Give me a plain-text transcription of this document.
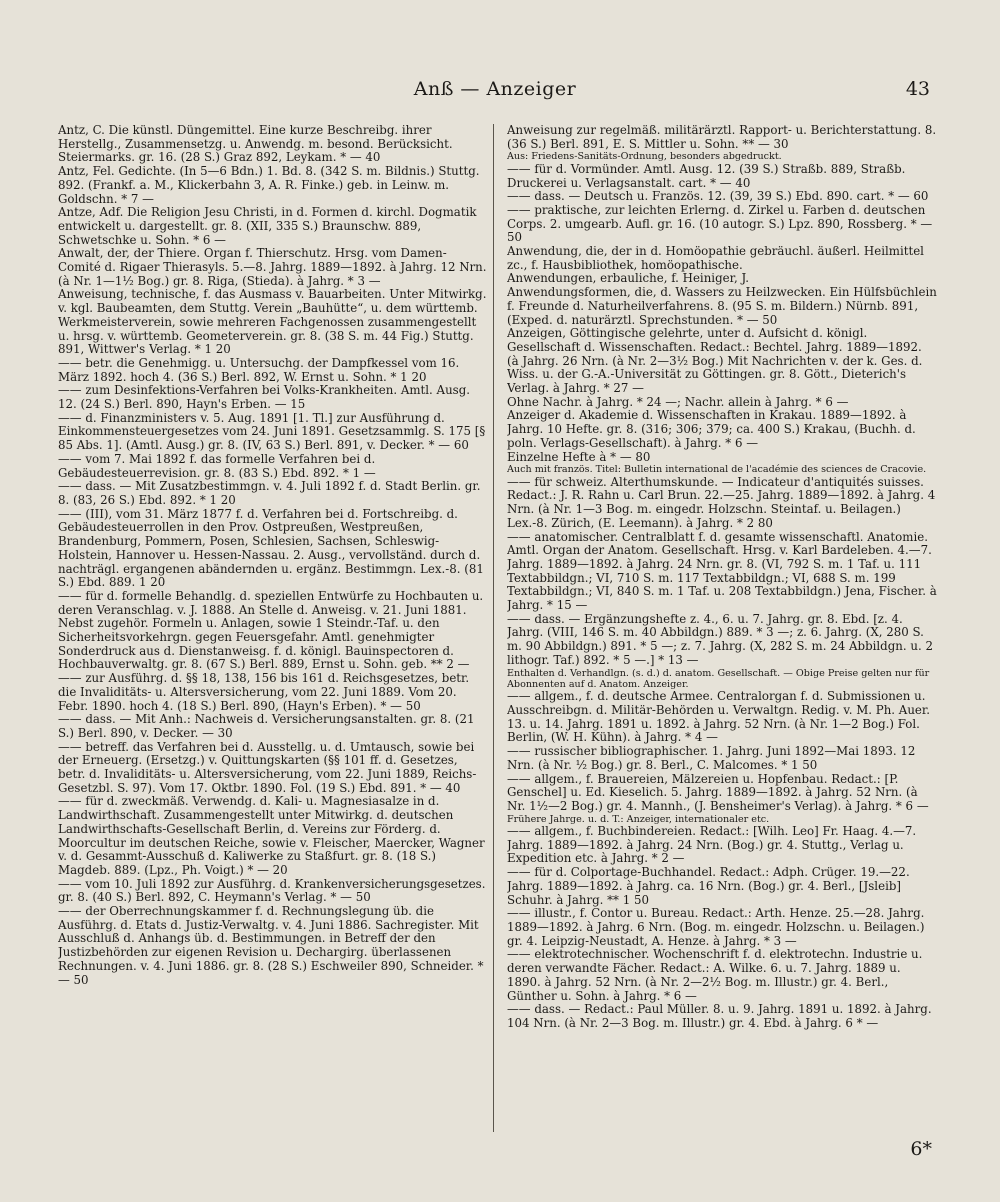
Anß — Anzeiger	43
Antz, C. Die künstl. Düngemittel. Eine kurze Beschreibg. ihrer Herstellg., Zusammensetzg. u. Anwendg. m. besond. Berücksicht. Steiermarks. gr. 16. (28 S.) Graz 892, Leykam. * — 40
Antz, Fel. Gedichte. (In 5—6 Bdn.) 1. Bd. 8. (342 S. m. Bildnis.) Stuttg. 892. (Frankf. a. M., Klickerbahn 3, A. R. Finke.) geb. in Leinw. m. Goldschn. * 7 —
Antze, Adf. Die Religion Jesu Christi, in d. Formen d. kirchl. Dogmatik entwickelt u. dargestellt. gr. 8. (XII, 335 S.) Braunschw. 889, Schwetschke u. Sohn. * 6 —
Anwalt, der, der Thiere. Organ f. Thierschutz. Hrsg. vom Damen-Comité d. Rigaer Thierasyls. 5.—8. Jahrg. 1889—1892. à Jahrg. 12 Nrn. (à Nr. 1—1½ Bog.) gr. 8. Riga, (Stieda). à Jahrg. * 3 —
Anweisung, technische, f. das Ausmass v. Bauarbeiten. Unter Mitwirkg. v. kgl. Baubeamten, dem Stuttg. Verein „Bauhütte“, u. dem württemb. Werkmeisterverein, sowie mehreren Fachgenossen zusammengestellt u. hrsg. v. württemb. Geometerverein. gr. 8. (38 S. m. 44 Fig.) Stuttg. 891, Wittwer's Verlag. * 1 20
—— betr. die Genehmigg. u. Untersuchg. der Dampfkessel vom 16. März 1892. hoch 4. (36 S.) Berl. 892, W. Ernst u. Sohn. * 1 20
—— zum Desinfektions-Verfahren bei Volks-Krankheiten. Amtl. Ausg. 12. (24 S.) Berl. 890, Hayn's Erben. — 15
—— d. Finanzministers v. 5. Aug. 1891 [1. Tl.] zur Ausführung d. Einkommensteuergesetzes vom 24. Juni 1891. Gesetzsammlg. S. 175 [§ 85 Abs. 1]. (Amtl. Ausg.) gr. 8. (IV, 63 S.) Berl. 891, v. Decker. * — 60
—— vom 7. Mai 1892 f. das formelle Verfahren bei d. Gebäudesteuerrevision. gr. 8. (83 S.) Ebd. 892. * 1 —
—— dass. — Mit Zusatzbestimmgn. v. 4. Juli 1892 f. d. Stadt Berlin. gr. 8. (83, 26 S.) Ebd. 892. * 1 20
—— (III), vom 31. März 1877 f. d. Verfahren bei d. Fortschreibg. d. Gebäudesteuerrollen in den Prov. Ostpreußen, Westpreußen, Brandenburg, Pommern, Posen, Schlesien, Sachsen, Schleswig-Holstein, Hannover u. Hessen-Nassau. 2. Ausg., vervollständ. durch d. nachträgl. ergangenen abändernden u. ergänz. Bestimmgn. Lex.-8. (81 S.) Ebd. 889. 1 20
—— für d. formelle Behandlg. d. speziellen Entwürfe zu Hochbauten u. deren Veranschlag. v. J. 1888. An Stelle d. Anweisg. v. 21. Juni 1881. Nebst zugehör. Formeln u. Anlagen, sowie 1 Steindr.-Taf. u. den Sicherheitsvorkehrgn. gegen Feuersgefahr. Amtl. genehmigter Sonderdruck aus d. Dienstanweisg. f. d. königl. Bauinspectoren d. Hochbauverwaltg. gr. 8. (67 S.) Berl. 889, Ernst u. Sohn. geb. ** 2 —
—— zur Ausführg. d. §§ 18, 138, 156 bis 161 d. Reichsgesetzes, betr. die Invaliditäts- u. Altersversicherung, vom 22. Juni 1889. Vom 20. Febr. 1890. hoch 4. (18 S.) Berl. 890, (Hayn's Erben). * — 50
—— dass. — Mit Anh.: Nachweis d. Versicherungsanstalten. gr. 8. (21 S.) Berl. 890, v. Decker. — 30
—— betreff. das Verfahren bei d. Ausstellg. u. d. Umtausch, sowie bei der Erneuerg. (Ersetzg.) v. Quittungskarten (§§ 101 ff. d. Gesetzes, betr. d. Invaliditäts- u. Altersversicherung, vom 22. Juni 1889, Reichs-Gesetzbl. S. 97). Vom 17. Oktbr. 1890. Fol. (19 S.) Ebd. 891. * — 40
—— für d. zweckmäß. Verwendg. d. Kali- u. Magnesiasalze in d. Landwirthschaft. Zusammengestellt unter Mitwirkg. d. deutschen Landwirthschafts-Gesellschaft Berlin, d. Vereins zur Förderg. d. Moorcultur im deutschen Reiche, sowie v. Fleischer, Maercker, Wagner v. d. Gesammt-Ausschuß d. Kaliwerke zu Staßfurt. gr. 8. (18 S.) Magdeb. 889. (Lpz., Ph. Voigt.) * — 20
—— vom 10. Juli 1892 zur Ausführg. d. Krankenversicherungsgesetzes. gr. 8. (40 S.) Berl. 892, C. Heymann's Verlag. * — 50
—— der Oberrechnungskammer f. d. Rechnungslegung üb. die Ausführg. d. Etats d. Justiz-Verwaltg. v. 4. Juni 1886. Sachregister. Mit Ausschluß d. Anhangs üb. d. Bestimmungen. in Betreff der den Justizbehörden zur eigenen Revision u. Dechargirg. überlassenen Rechnungen. v. 4. Juni 1886. gr. 8. (28 S.) Eschweiler 890, Schneider. * — 50
Anweisung zur regelmäß. militärärztl. Rapport- u. Berichterstattung. 8. (36 S.) Berl. 891, E. S. Mittler u. Sohn. ** — 30
Aus: Friedens-Sanitäts-Ordnung, besonders abgedruckt.
—— für d. Vormünder. Amtl. Ausg. 12. (39 S.) Straßb. 889, Straßb. Druckerei u. Verlagsanstalt. cart. * — 40
—— dass. — Deutsch u. Französ. 12. (39, 39 S.) Ebd. 890. cart. * — 60
—— praktische, zur leichten Erlerng. d. Zirkel u. Farben d. deutschen Corps. 2. umgearb. Aufl. gr. 16. (10 autogr. S.) Lpz. 890, Rossberg. * — 50
Anwendung, die, der in d. Homöopathie gebräuchl. äußerl. Heilmittel zc., f. Hausbibliothek, homöopathische.
Anwendungen, erbauliche, f. Heiniger, J.
Anwendungsformen, die, d. Wassers zu Heilzwecken. Ein Hülfsbüchlein f. Freunde d. Naturheilverfahrens. 8. (95 S. m. Bildern.) Nürnb. 891, (Exped. d. naturärztl. Sprechstunden. * — 50
Anzeigen, Göttingische gelehrte, unter d. Aufsicht d. königl. Gesellschaft d. Wissenschaften. Redact.: Bechtel. Jahrg. 1889—1892. (à Jahrg. 26 Nrn. (à Nr. 2—3½ Bog.) Mit Nachrichten v. der k. Ges. d. Wiss. u. der G.-A.-Universität zu Göttingen. gr. 8. Gött., Dieterich's Verlag. à Jahrg. * 27 —
Ohne Nachr. à Jahrg. * 24 —; Nachr. allein à Jahrg. * 6 —
Anzeiger d. Akademie d. Wissenschaften in Krakau. 1889—1892. à Jahrg. 10 Hefte. gr. 8. (316; 306; 379; ca. 400 S.) Krakau, (Buchh. d. poln. Verlags-Gesellschaft). à Jahrg. * 6 —
Einzelne Hefte à * — 80
Auch mit französ. Titel: Bulletin international de l'académie des sciences de Cracovie.
—— für schweiz. Alterthumskunde. — Indicateur d'antiquités suisses. Redact.: J. R. Rahn u. Carl Brun. 22.—25. Jahrg. 1889—1892. à Jahrg. 4 Nrn. (à Nr. 1—3 Bog. m. eingedr. Holzschn. Steintaf. u. Beilagen.) Lex.-8. Zürich, (E. Leemann). à Jahrg. * 2 80
—— anatomischer. Centralblatt f. d. gesamte wissenschaftl. Anatomie. Amtl. Organ der Anatom. Gesellschaft. Hrsg. v. Karl Bardeleben. 4.—7. Jahrg. 1889—1892. à Jahrg. 24 Nrn. gr. 8. (VI, 792 S. m. 1 Taf. u. 111 Textabbildgn.; VI, 710 S. m. 117 Textabbildgn.; VI, 688 S. m. 199 Textabbildgn.; VI, 840 S. m. 1 Taf. u. 208 Textabbildgn.) Jena, Fischer. à Jahrg. * 15 —
—— dass. — Ergänzungshefte z. 4., 6. u. 7. Jahrg. gr. 8. Ebd. [z. 4. Jahrg. (VIII, 146 S. m. 40 Abbildgn.) 889. * 3 —; z. 6. Jahrg. (X, 280 S. m. 90 Abbildgn.) 891. * 5 —; z. 7. Jahrg. (X, 282 S. m. 24 Abbildgn. u. 2 lithogr. Taf.) 892. * 5 —.] * 13 —
Enthalten d. Verhandlgn. (s. d.) d. anatom. Gesellschaft. — Obige Preise gelten nur für Abonnenten auf d. Anatom. Anzeiger.
—— allgem., f. d. deutsche Armee. Centralorgan f. d. Submissionen u. Ausschreibgn. d. Militär-Behörden u. Verwaltgn. Redig. v. M. Ph. Auer. 13. u. 14. Jahrg. 1891 u. 1892. à Jahrg. 52 Nrn. (à Nr. 1—2 Bog.) Fol. Berlin, (W. H. Kühn). à Jahrg. * 4 —
—— russischer bibliographischer. 1. Jahrg. Juni 1892—Mai 1893. 12 Nrn. (à Nr. ½ Bog.) gr. 8. Berl., C. Malcomes. * 1 50
—— allgem., f. Brauereien, Mälzereien u. Hopfenbau. Redact.: [P. Genschel] u. Ed. Kieselich. 5. Jahrg. 1889—1892. à Jahrg. 52 Nrn. (à Nr. 1½—2 Bog.) gr. 4. Mannh., (J. Bensheimer's Verlag). à Jahrg. * 6 —
Frühere Jahrge. u. d. T.: Anzeiger, internationaler etc.
—— allgem., f. Buchbindereien. Redact.: [Wilh. Leo] Fr. Haag. 4.—7. Jahrg. 1889—1892. à Jahrg. 24 Nrn. (Bog.) gr. 4. Stuttg., Verlag u. Expedition etc. à Jahrg. * 2 —
—— für d. Colportage-Buchhandel. Redact.: Adph. Crüger. 19.—22. Jahrg. 1889—1892. à Jahrg. ca. 16 Nrn. (Bog.) gr. 4. Berl., [Jsleib] Schuhr. à Jahrg. ** 1 50
—— illustr., f. Contor u. Bureau. Redact.: Arth. Henze. 25.—28. Jahrg. 1889—1892. à Jahrg. 6 Nrn. (Bog. m. eingedr. Holzschn. u. Beilagen.) gr. 4. Leipzig-Neustadt, A. Henze. à Jahrg. * 3 —
—— elektrotechnischer. Wochenschrift f. d. elektrotechn. Industrie u. deren verwandte Fächer. Redact.: A. Wilke. 6. u. 7. Jahrg. 1889 u. 1890. à Jahrg. 52 Nrn. (à Nr. 2—2½ Bog. m. Illustr.) gr. 4. Berl., Günther u. Sohn. à Jahrg. * 6 —
—— dass. — Redact.: Paul Müller. 8. u. 9. Jahrg. 1891 u. 1892. à Jahrg. 104 Nrn. (à Nr. 2—3 Bog. m. Illustr.) gr. 4. Ebd. à Jahrg. 6 * —
6*
